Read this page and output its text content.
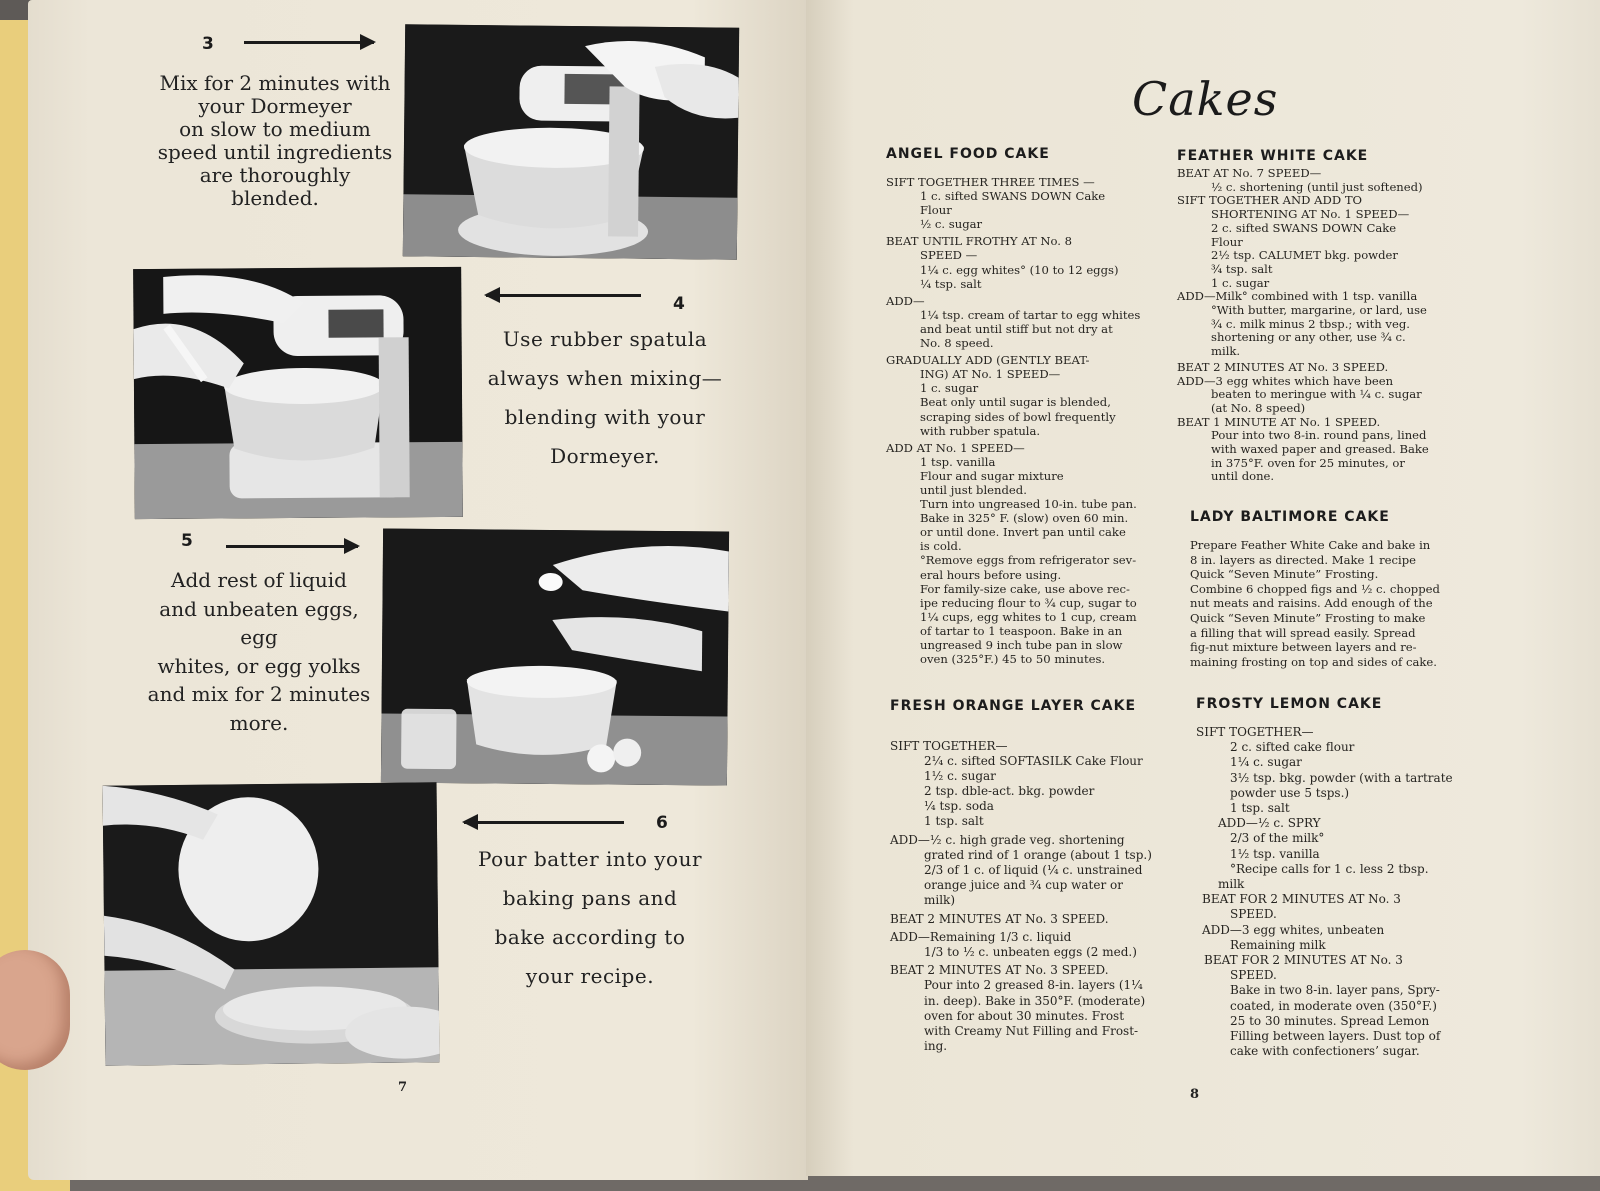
3
Mix for 2 minutes with
your Dormeyer
on slow to medium
speed until ingredients
are thoroughly
blended.
4
Use rubber spatula
always when mixing—
blending with your
Dormeyer.
5
Add rest of liquid
and unbeaten eggs, egg
whites, or egg yolks
and mix for 2 minutes
more.
6
Pour batter into your
baking pans and
bake according to
your recipe.
7
Cakes
ANGEL FOOD CAKE
SIFT TOGETHER THREE TIMES —
1 c. sifted SWANS DOWN Cake
Flour
½ c. sugar
BEAT UNTIL FROTHY AT No. 8
SPEED —
1¼ c. egg whites° (10 to 12 eggs)
¼ tsp. salt
ADD—
1¼ tsp. cream of tartar to egg whites
and beat until stiff but not dry at
No. 8 speed.
GRADUALLY ADD (GENTLY BEAT-
ING) AT No. 1 SPEED—
1 c. sugar
Beat only until sugar is blended,
scraping sides of bowl frequently
with rubber spatula.
ADD AT No. 1 SPEED—
1 tsp. vanilla
Flour and sugar mixture
until just blended.
Turn into ungreased 10-in. tube pan.
Bake in 325° F. (slow) oven 60 min.
or until done. Invert pan until cake
is cold.
°Remove eggs from refrigerator sev-
eral hours before using.
For family-size cake, use above rec-
ipe reducing flour to ¾ cup, sugar to
1¼ cups, egg whites to 1 cup, cream
of tartar to 1 teaspoon. Bake in an
ungreased 9 inch tube pan in slow
oven (325°F.) 45 to 50 minutes.
FEATHER WHITE CAKE
BEAT AT No. 7 SPEED—
½ c. shortening (until just softened)
SIFT TOGETHER AND ADD TO
SHORTENING AT No. 1 SPEED—
2 c. sifted SWANS DOWN Cake
Flour
2½ tsp. CALUMET bkg. powder
¾ tsp. salt
1 c. sugar
ADD—Milk° combined with 1 tsp. vanilla
°With butter, margarine, or lard, use
¾ c. milk minus 2 tbsp.; with veg.
shortening or any other, use ¾ c.
milk.
BEAT 2 MINUTES AT No. 3 SPEED.
ADD—3 egg whites which have been
beaten to meringue with ¼ c. sugar
(at No. 8 speed)
BEAT 1 MINUTE AT No. 1 SPEED.
Pour into two 8-in. round pans, lined
with waxed paper and greased. Bake
in 375°F. oven for 25 minutes, or
until done.
LADY BALTIMORE CAKE
Prepare Feather White Cake and bake in
8 in. layers as directed. Make 1 recipe
Quick “Seven Minute” Frosting.
Combine 6 chopped figs and ½ c. chopped
nut meats and raisins. Add enough of the
Quick “Seven Minute” Frosting to make
a filling that will spread easily. Spread
fig-nut mixture between layers and re-
maining frosting on top and sides of cake.
FRESH ORANGE LAYER CAKE
SIFT TOGETHER—
2¼ c. sifted SOFTASILK Cake Flour
1½ c. sugar
2 tsp. dble-act. bkg. powder
¼ tsp. soda
1 tsp. salt
ADD—½ c. high grade veg. shortening
grated rind of 1 orange (about 1 tsp.)
2/3 of 1 c. of liquid (¼ c. unstrained
orange juice and ¾ cup water or
milk)
BEAT 2 MINUTES AT No. 3 SPEED.
ADD—Remaining 1/3 c. liquid
1/3 to ½ c. unbeaten eggs (2 med.)
BEAT 2 MINUTES AT No. 3 SPEED.
Pour into 2 greased 8-in. layers (1¼
in. deep). Bake in 350°F. (moderate)
oven for about 30 minutes. Frost
with Creamy Nut Filling and Frost-
ing.
FROSTY LEMON CAKE
SIFT TOGETHER—
2 c. sifted cake flour
1¼ c. sugar
3½ tsp. bkg. powder (with a tartrate
powder use 5 tsps.)
1 tsp. salt
ADD—½ c. SPRY
2/3 of the milk°
1½ tsp. vanilla
°Recipe calls for 1 c. less 2 tbsp.
milk
BEAT FOR 2 MINUTES AT No. 3
SPEED.
ADD—3 egg whites, unbeaten
Remaining milk
BEAT FOR 2 MINUTES AT No. 3
SPEED.
Bake in two 8-in. layer pans, Spry-
coated, in moderate oven (350°F.)
25 to 30 minutes. Spread Lemon
Filling between layers. Dust top of
cake with confectioners’ sugar.
8
